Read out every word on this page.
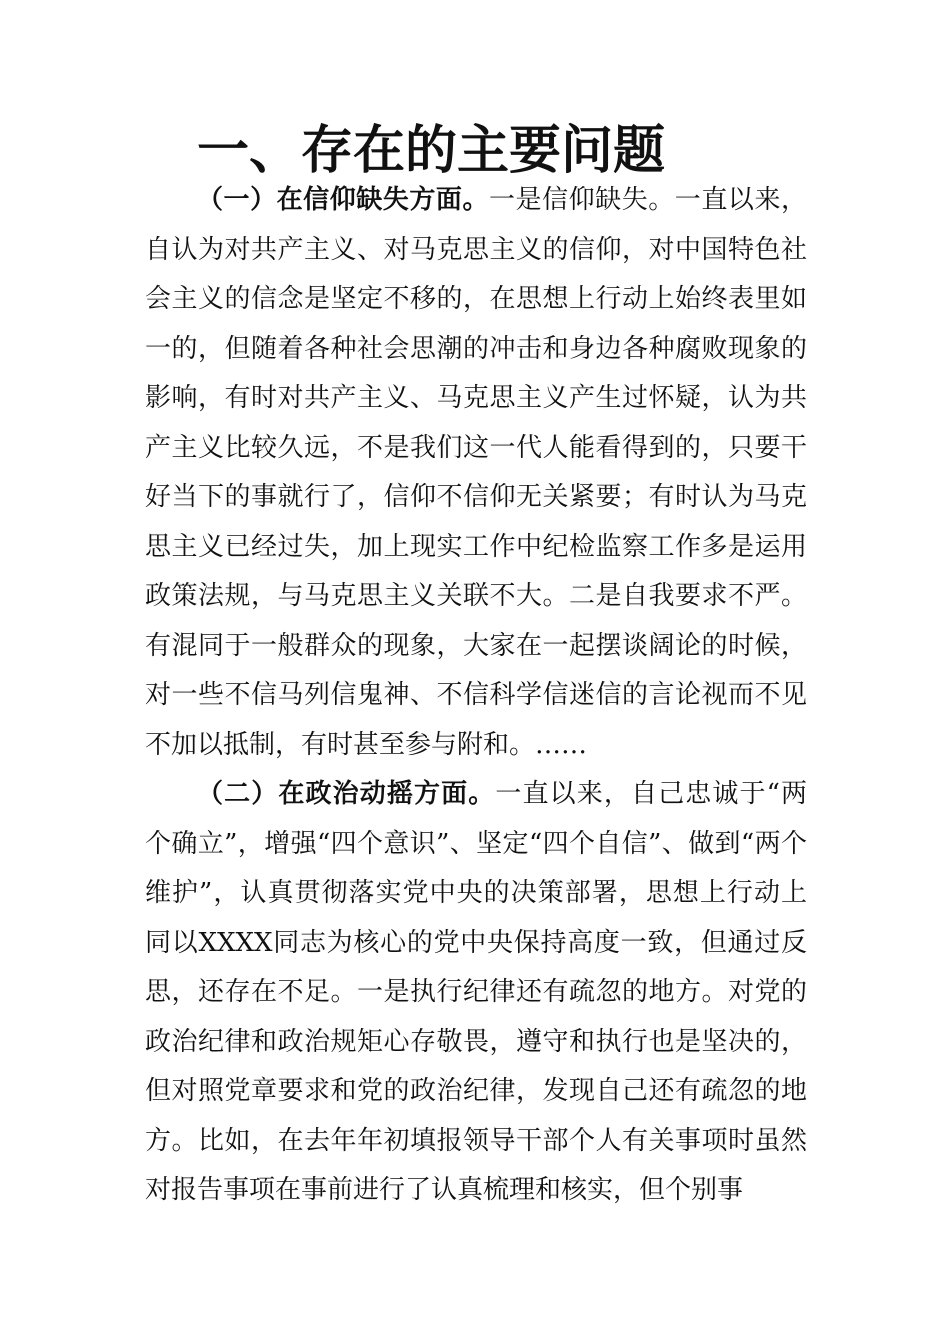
一、存在的主要问题

（一）在信仰缺失方面。一是信仰缺失。一直以来，自认为对共产主义、对马克思主义的信仰，对中国特色社会主义的信念是坚定不移的，在思想上行动上始终表里如一的，但随着各种社会思潮的冲击和身边各种腐败现象的影响，有时对共产主义、马克思主义产生过怀疑，认为共产主义比较久远，不是我们这一代人能看得到的，只要干好当下的事就行了，信仰不信仰无关紧要；有时认为马克思主义已经过失，加上现实工作中纪检监察工作多是运用政策法规，与马克思主义关联不大。二是自我要求不严。有混同于一般群众的现象，大家在一起摆谈阔论的时候，对一些不信马列信鬼神、不信科学信迷信的言论视而不见不加以抵制，有时甚至参与附和。……

（二）在政治动摇方面。一直以来，自己忠诚于“两个确立”，增强“四个意识”、坚定“四个自信”、做到“两个维护”，认真贯彻落实党中央的决策部署，思想上行动上同以XXXX同志为核心的党中央保持高度一致，但通过反思，还存在不足。一是执行纪律还有疏忽的地方。对党的政治纪律和政治规矩心存敬畏，遵守和执行也是坚决的，但对照党章要求和党的政治纪律，发现自己还有疏忽的地方。比如，在去年年初填报领导干部个人有关事项时虽然对报告事项在事前进行了认真梳理和核实，但个别事
